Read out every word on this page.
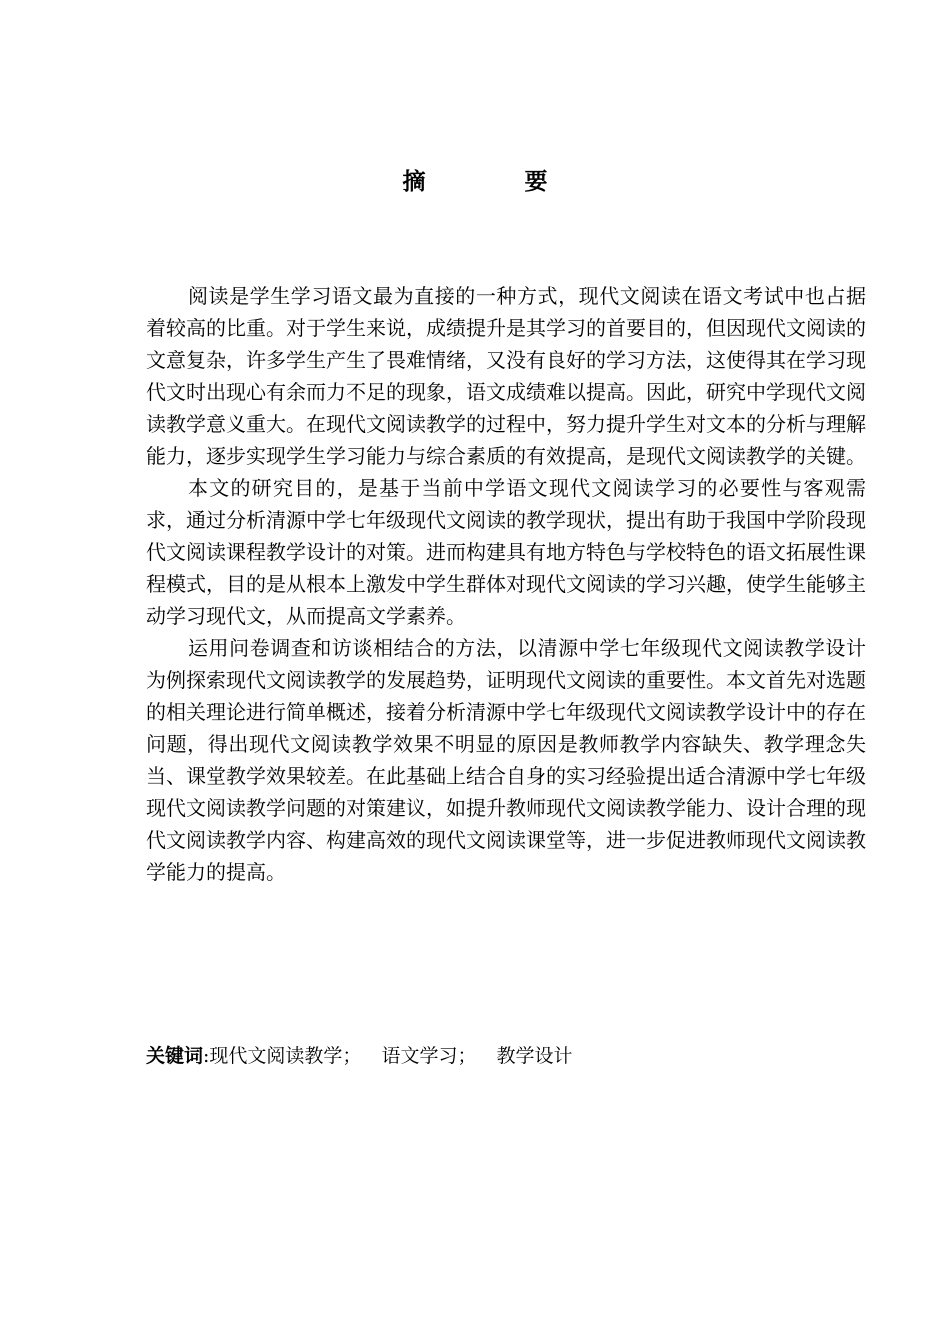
摘　要

阅读是学生学习语文最为直接的一种方式，现代文阅读在语文考试中也占据着较高的比重。对于学生来说，成绩提升是其学习的首要目的，但因现代文阅读的文意复杂，许多学生产生了畏难情绪，又没有良好的学习方法，这使得其在学习现代文时出现心有余而力不足的现象，语文成绩难以提高。因此，研究中学现代文阅读教学意义重大。在现代文阅读教学的过程中，努力提升学生对文本的分析与理解能力，逐步实现学生学习能力与综合素质的有效提高，是现代文阅读教学的关键。

本文的研究目的，是基于当前中学语文现代文阅读学习的必要性与客观需求，通过分析清源中学七年级现代文阅读的教学现状，提出有助于我国中学阶段现代文阅读课程教学设计的对策。进而构建具有地方特色与学校特色的语文拓展性课程模式，目的是从根本上激发中学生群体对现代文阅读的学习兴趣，使学生能够主动学习现代文，从而提高文学素养。

运用问卷调查和访谈相结合的方法，以清源中学七年级现代文阅读教学设计为例探索现代文阅读教学的发展趋势，证明现代文阅读的重要性。本文首先对选题的相关理论进行简单概述，接着分析清源中学七年级现代文阅读教学设计中的存在问题，得出现代文阅读教学效果不明显的原因是教师教学内容缺失、教学理念失当、课堂教学效果较差。在此基础上结合自身的实习经验提出适合清源中学七年级现代文阅读教学问题的对策建议，如提升教师现代文阅读教学能力、设计合理的现代文阅读教学内容、构建高效的现代文阅读课堂等，进一步促进教师现代文阅读教学能力的提高。

关键词:现代文阅读教学； 语文学习； 教学设计
